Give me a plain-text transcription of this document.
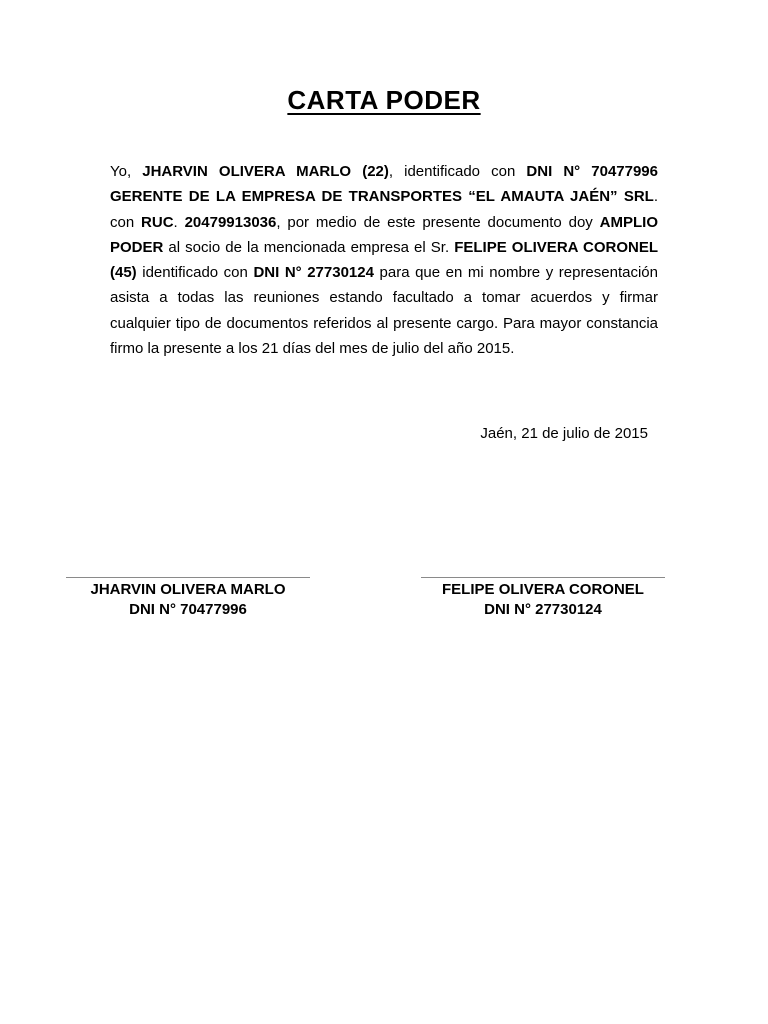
CARTA PODER
Yo, JHARVIN OLIVERA MARLO (22), identificado con DNI N° 70477996 GERENTE DE LA EMPRESA DE TRANSPORTES “EL AMAUTA JAÉN” SRL. con RUC. 20479913036, por medio de este presente documento doy AMPLIO PODER al socio de la mencionada empresa el Sr. FELIPE OLIVERA CORONEL (45) identificado con DNI N° 27730124 para que en mi nombre y representación asista a todas las reuniones estando facultado a tomar acuerdos y firmar cualquier tipo de documentos referidos al presente cargo. Para mayor constancia firmo la presente a los 21 días del mes de julio del año 2015.
Jaén, 21 de julio de 2015
JHARVIN OLIVERA MARLO
DNI N° 70477996
FELIPE OLIVERA CORONEL
DNI N° 27730124
